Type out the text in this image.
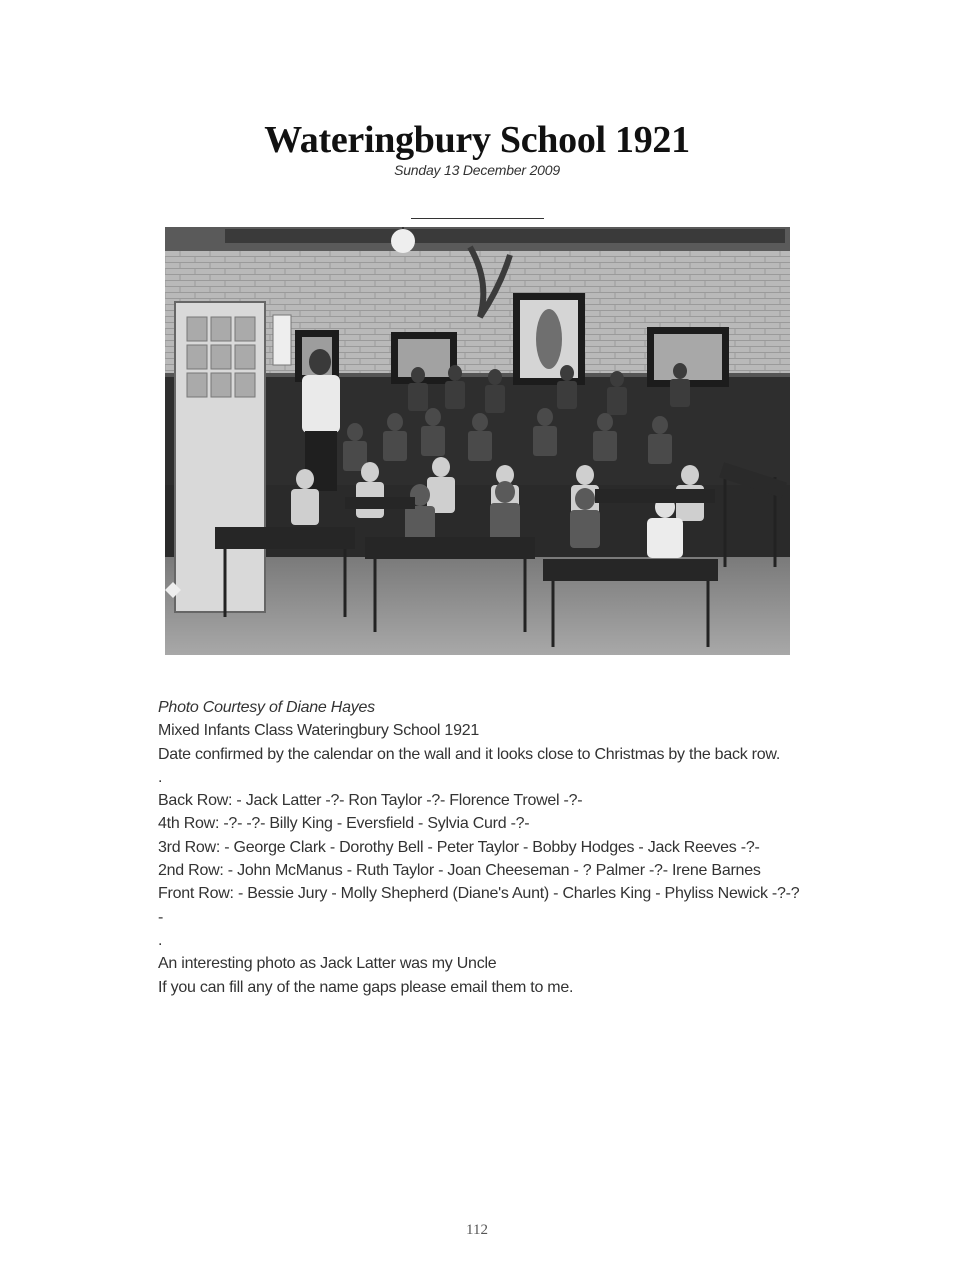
Wateringbury School 1921
Sunday 13 December 2009

Photo Courtesy of Diane Hayes

Mixed Infants Class Wateringbury School 1921

Date confirmed by the calendar on the wall and it looks close to Christmas by the back row.

.

Back Row: - Jack Latter -?- Ron Taylor -?- Florence Trowel -?-

4th Row: -?- -?- Billy King - Eversfield - Sylvia Curd -?-

3rd Row: - George Clark - Dorothy Bell - Peter Taylor - Bobby Hodges - Jack Reeves -?-

2nd Row: - John McManus - Ruth Taylor - Joan Cheeseman - ? Palmer -?- Irene Barnes

Front Row: - Bessie Jury - Molly Shepherd (Diane's Aunt) - Charles King - Phyliss Newick -?-? -

.

An interesting photo as Jack Latter was my Uncle

If you can fill any of the name gaps please email them to me.

112
